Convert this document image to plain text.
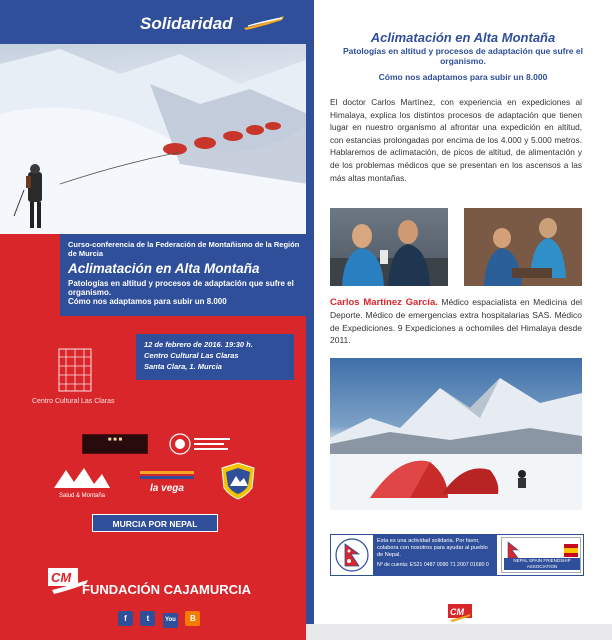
Solidaridad
Curso-conferencia de la Federación de Montañismo de la Región de Murcia
Aclimatación en Alta Montaña
Patologías en altitud y procesos de adaptación que sufre el organismo.
Cómo nos adaptamos para subir un 8.000
Centro Cultural Las Claras
12 de febrero de 2016. 19:30 h.
Centro Cultural Las Claras
Santa Clara, 1. Murcia
■ ■ ■
Salud & Montaña
la vega
MURCIA POR NEPAL
CM
FUNDACIÓN CAJAMURCIA
f t	You B
Aclimatación en Alta Montaña
Patologías en altitud y procesos de adaptación que sufre el organismo.
Cómo nos adaptamos para subir un 8.000

El doctor Carlos Martínez, con experiencia en expediciones al Himalaya, explica los distintos procesos de adaptación que tienen lugar en nuestro organismo al afrontar una expedición en altitud, con estancias prolongadas por encima de los 4.000 y 5.000 metros. Hablaremos de aclimatación, de picos de altitud, de alimentación y de los problemas médicos que se presentan en los ascensos a las más altas montañas.

Carlos Martínez García. Médico espacialista en Medicina del Deporte. Médico de emergencias extra hospitalarias SAS. Médico de Expediciones. 9 Expediciones a ochomiles del Himalaya desde 2011.

Esta es una actividad solidaria. Por favor, colabora con nosotros para ayudar al pueblo de Nepal.
Nº de cuenta: ES21 0487 0090 71 2007 01680 0
NEPAL SPAIN FRIENDSHIP ASSOCIATION
CM
